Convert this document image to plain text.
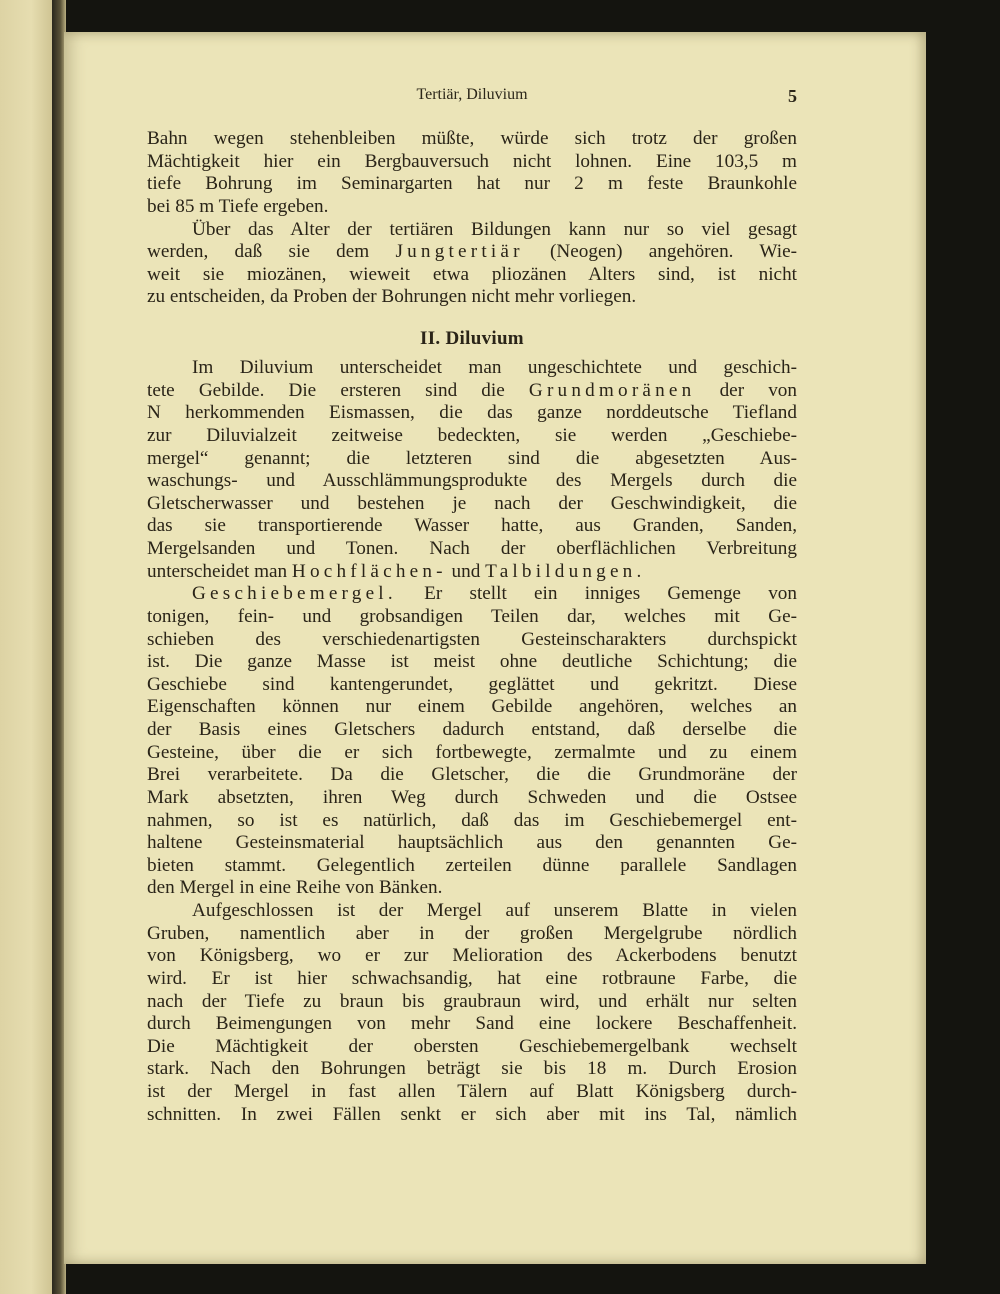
Tertiär, Diluvium	5
Bahn wegen stehenbleiben müßte, würde sich trotz der großen
Mächtigkeit hier ein Bergbauversuch nicht lohnen. Eine 103,5 m
tiefe Bohrung im Seminargarten hat nur 2 m feste Braunkohle
bei 85 m Tiefe ergeben.
Über das Alter der tertiären Bildungen kann nur so viel gesagt
werden, daß sie dem Jungtertiär (Neogen) angehören. Wie-
weit sie miozänen, wieweit etwa pliozänen Alters sind, ist nicht
zu entscheiden, da Proben der Bohrungen nicht mehr vorliegen.
II. Diluvium
Im Diluvium unterscheidet man ungeschichtete und geschich-
tete Gebilde. Die ersteren sind die Grundmoränen der von
N herkommenden Eismassen, die das ganze norddeutsche Tiefland
zur Diluvialzeit zeitweise bedeckten, sie werden „Geschiebe-
mergel“ genannt; die letzteren sind die abgesetzten Aus-
waschungs- und Ausschlämmungsprodukte des Mergels durch die
Gletscherwasser und bestehen je nach der Geschwindigkeit, die
das sie transportierende Wasser hatte, aus Granden, Sanden,
Mergelsanden und Tonen. Nach der oberflächlichen Verbreitung
unterscheidet man Hochflächen- und Talbildungen.
Geschiebemergel. Er stellt ein inniges Gemenge von
tonigen, fein- und grobsandigen Teilen dar, welches mit Ge-
schieben des verschiedenartigsten Gesteinscharakters durchspickt
ist. Die ganze Masse ist meist ohne deutliche Schichtung; die
Geschiebe sind kantengerundet, geglättet und gekritzt. Diese
Eigenschaften können nur einem Gebilde angehören, welches an
der Basis eines Gletschers dadurch entstand, daß derselbe die
Gesteine, über die er sich fortbewegte, zermalmte und zu einem
Brei verarbeitete. Da die Gletscher, die die Grundmoräne der
Mark absetzten, ihren Weg durch Schweden und die Ostsee
nahmen, so ist es natürlich, daß das im Geschiebemergel ent-
haltene Gesteinsmaterial hauptsächlich aus den genannten Ge-
bieten stammt. Gelegentlich zerteilen dünne parallele Sandlagen
den Mergel in eine Reihe von Bänken.
Aufgeschlossen ist der Mergel auf unserem Blatte in vielen
Gruben, namentlich aber in der großen Mergelgrube nördlich
von Königsberg, wo er zur Melioration des Ackerbodens benutzt
wird. Er ist hier schwachsandig, hat eine rotbraune Farbe, die
nach der Tiefe zu braun bis graubraun wird, und erhält nur selten
durch Beimengungen von mehr Sand eine lockere Beschaffenheit.
Die Mächtigkeit der obersten Geschiebemergelbank wechselt
stark. Nach den Bohrungen beträgt sie bis 18 m. Durch Erosion
ist der Mergel in fast allen Tälern auf Blatt Königsberg durch-
schnitten. In zwei Fällen senkt er sich aber mit ins Tal, nämlich
